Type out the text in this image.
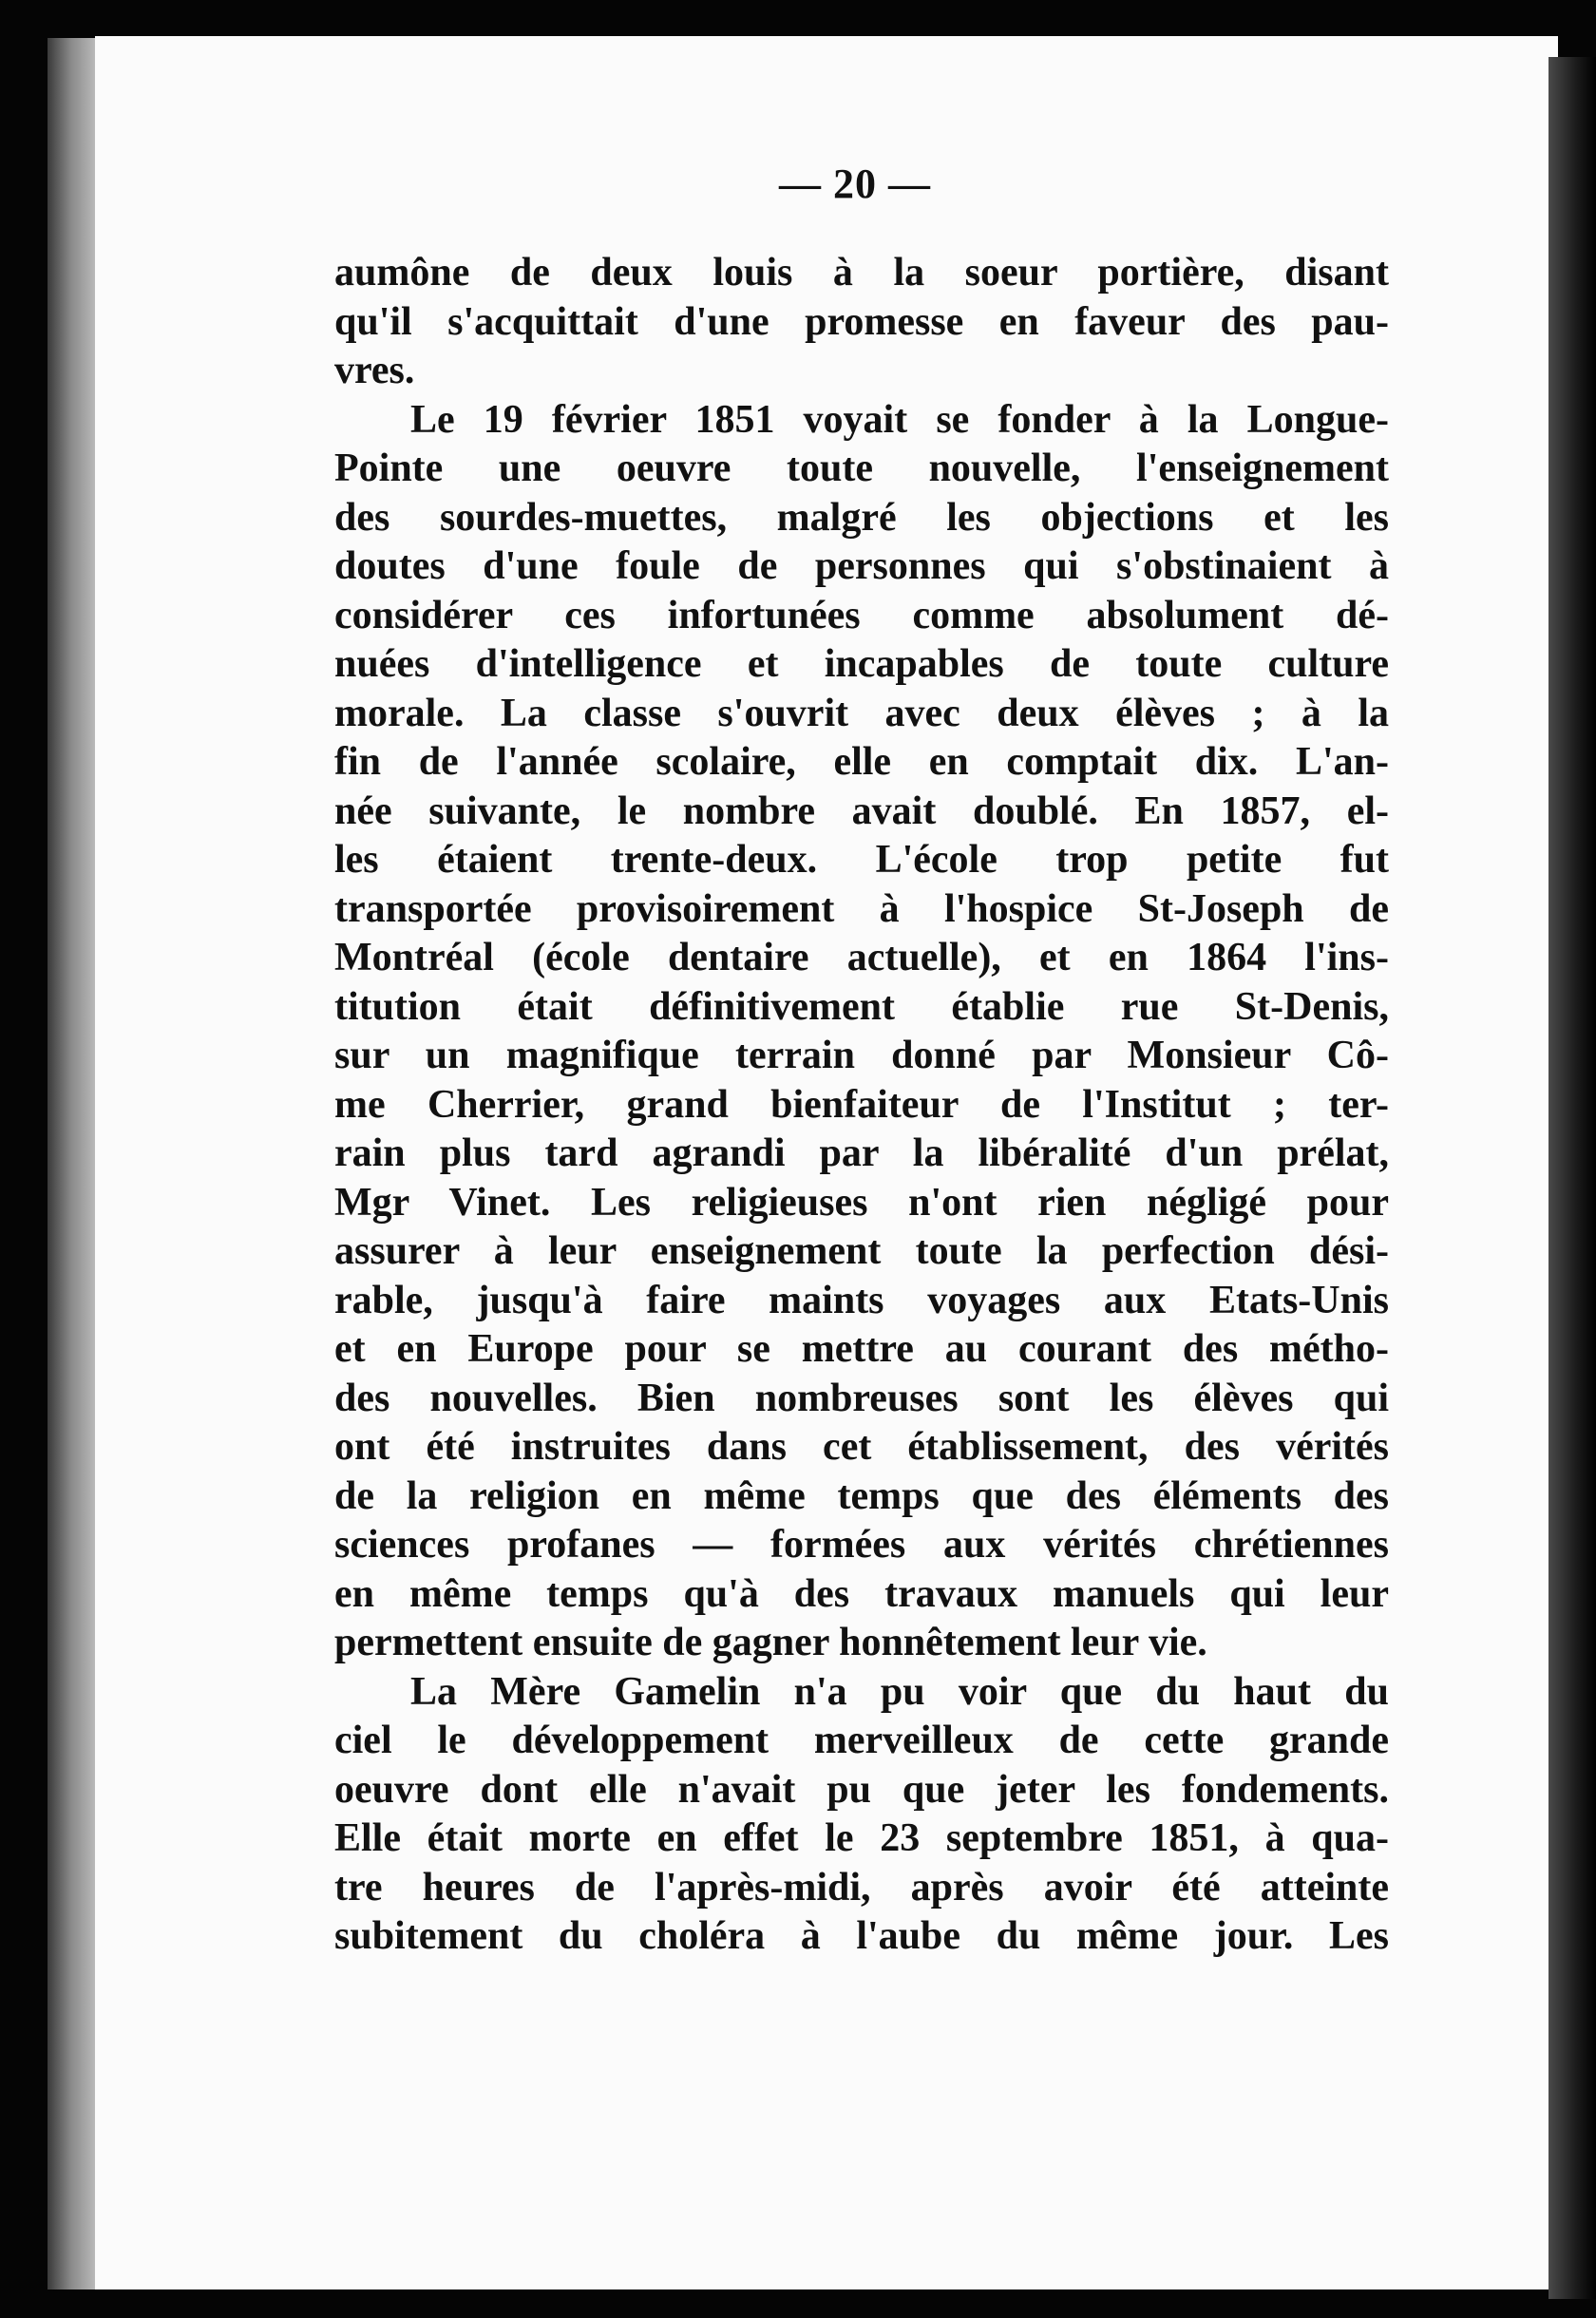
— 20 —
aumône de deux louis à la soeur portière, disant
qu'il s'acquittait d'une promesse en faveur des pau-
vres.
Le 19 février 1851 voyait se fonder à la Longue-
Pointe une oeuvre toute nouvelle, l'enseignement
des sourdes-muettes, malgré les objections et les
doutes d'une foule de personnes qui s'obstinaient à
considérer ces infortunées comme absolument dé-
nuées d'intelligence et incapables de toute culture
morale. La classe s'ouvrit avec deux élèves ; à la
fin de l'année scolaire, elle en comptait dix. L'an-
née suivante, le nombre avait doublé. En 1857, el-
les étaient trente-deux. L'école trop petite fut
transportée provisoirement à l'hospice St-Joseph de
Montréal (école dentaire actuelle), et en 1864 l'ins-
titution était définitivement établie rue St-Denis,
sur un magnifique terrain donné par Monsieur Cô-
me Cherrier, grand bienfaiteur de l'Institut ; ter-
rain plus tard agrandi par la libéralité d'un prélat,
Mgr Vinet. Les religieuses n'ont rien négligé pour
assurer à leur enseignement toute la perfection dési-
rable, jusqu'à faire maints voyages aux Etats-Unis
et en Europe pour se mettre au courant des métho-
des nouvelles. Bien nombreuses sont les élèves qui
ont été instruites dans cet établissement, des vérités
de la religion en même temps que des éléments des
sciences profanes — formées aux vérités chrétiennes
en même temps qu'à des travaux manuels qui leur
permettent ensuite de gagner honnêtement leur vie.
La Mère Gamelin n'a pu voir que du haut du
ciel le développement merveilleux de cette grande
oeuvre dont elle n'avait pu que jeter les fondements.
Elle était morte en effet le 23 septembre 1851, à qua-
tre heures de l'après-midi, après avoir été atteinte
subitement du choléra à l'aube du même jour. Les
